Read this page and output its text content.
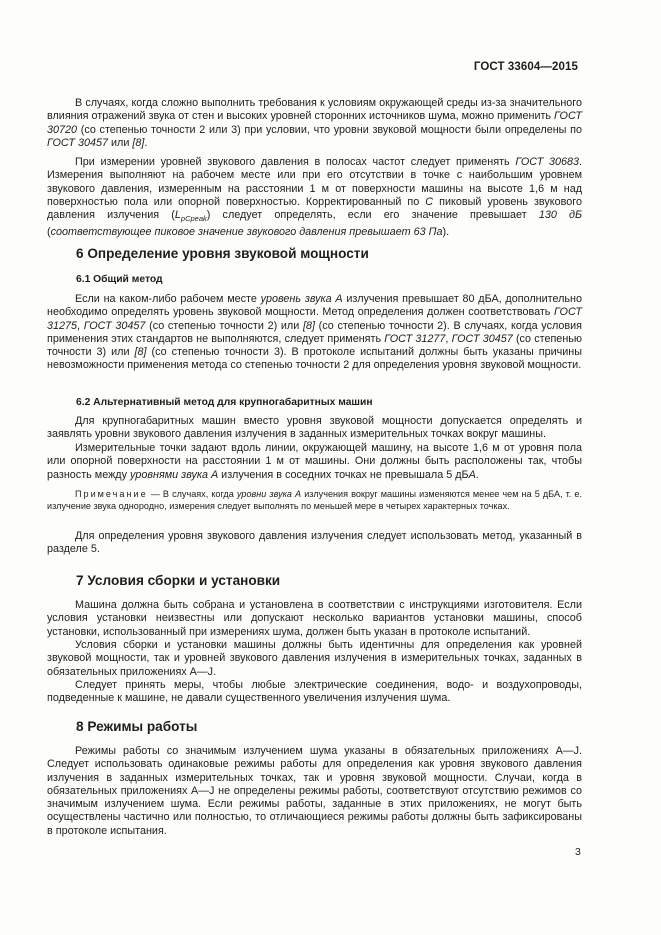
ГОСТ 33604—2015

В случаях, когда сложно выполнить требования к условиям окружающей среды из-за значительного влияния отражений звука от стен и высоких уровней сторонних источников шума, можно применить ГОСТ 30720 (со степенью точности 2 или 3) при условии, что уровни звуковой мощности были определены по ГОСТ 30457 или [8].

При измерении уровней звукового давления в полосах частот следует применять ГОСТ 30683. Измерения выполняют на рабочем месте или при его отсутствии в точке с наибольшим уровнем звукового давления, измеренным на расстоянии 1 м от поверхности машины на высоте 1,6 м над поверхностью пола или опорной поверхностью. Корректированный по C пиковый уровень звукового давления излучения $(L_{pCpeak})$ следует определять, если его значение превышает 130 дБ (соответствующее пиковое значение звукового давления превышает 63 Па).

6 Определение уровня звуковой мощности
6.1 Общий метод

Если на каком-либо рабочем месте уровень звука A излучения превышает 80 дБА, дополнительно необходимо определять уровень звуковой мощности. Метод определения должен соответствовать ГОСТ 31275, ГОСТ 30457 (со степенью точности 2) или [8] (со степенью точности 2). В случаях, когда условия применения этих стандартов не выполняются, следует применять ГОСТ 31277, ГОСТ 30457 (со степенью точности 3) или [8] (со степенью точности 3). В протоколе испытаний должны быть указаны причины невозможности применения метода со степенью точности 2 для определения уровня звуковой мощности.

6.2 Альтернативный метод для крупногабаритных машин

Для крупногабаритных машин вместо уровня звуковой мощности допускается определять и заявлять уровни звукового давления излучения в заданных измерительных точках вокруг машины.

Измерительные точки задают вдоль линии, окружающей машину, на высоте 1,6 м от уровня пола или опорной поверхности на расстоянии 1 м от машины. Они должны быть расположены так, чтобы разность между уровнями звука A излучения в соседних точках не превышала 5 дБА.

Примечание — В случаях, когда уровни звука A излучения вокруг машины изменяются менее чем на 5 дБА, т. е. излучение звука однородно, измерения следует выполнять по меньшей мере в четырех характерных точках.

Для определения уровня звукового давления излучения следует использовать метод, указанный в разделе 5.

7 Условия сборки и установки

Машина должна быть собрана и установлена в соответствии с инструкциями изготовителя. Если условия установки неизвестны или допускают несколько вариантов установки машины, способ установки, использованный при измерениях шума, должен быть указан в протоколе испытаний.

Условия сборки и установки машины должны быть идентичны для определения как уровней звуковой мощности, так и уровней звукового давления излучения в измерительных точках, заданных в обязательных приложениях А—J.

Следует принять меры, чтобы любые электрические соединения, водо- и воздухопроводы, подведенные к машине, не давали существенного увеличения излучения шума.

8 Режимы работы

Режимы работы со значимым излучением шума указаны в обязательных приложениях А—J. Следует использовать одинаковые режимы работы для определения как уровня звукового давления излучения в заданных измерительных точках, так и уровня звуковой мощности. Случаи, когда в обязательных приложениях А—J не определены режимы работы, соответствуют отсутствию режимов со значимым излучением шума. Если режимы работы, заданные в этих приложениях, не могут быть осуществлены частично или полностью, то отличающиеся режимы работы должны быть зафиксированы в протоколе испытания.

3
